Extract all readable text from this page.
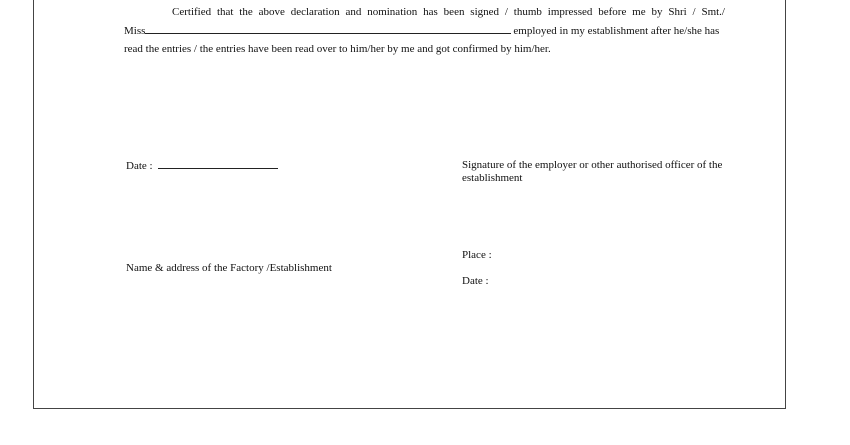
Certified that the above declaration and nomination has been signed / thumb impressed before me by Shri / Smt./
Miss	employed in my establishment after he/she has
read the entries / the entries have been read over to him/her by me and got confirmed by him/her.
Date :	Signature of the employer or other authorised officer of the
establishment
Place :
Name & address of the Factory /Establishment
Date :
